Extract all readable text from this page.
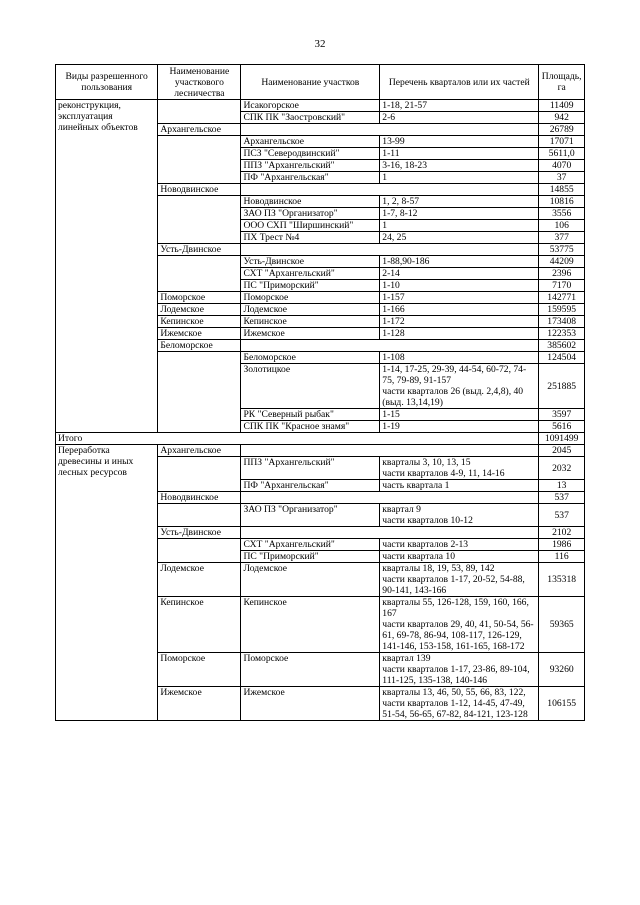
32
Виды разрешенного пользования	Наименование участкового лесничества	Наименование участков	Перечень кварталов или их частей	Площадь, га
реконструкция, эксплуатация линейных объектов		Исакогорское	1-18, 21-57	11409
		СПК ПК "Заостровский"	2-6	942
	Архангельское			26789
		Архангельское	13-99	17071
		ПСЗ "Северодвинский"	1-11	5611,0
		ППЗ "Архангельский"	3-16, 18-23	4070
		ПФ "Архангельская"	1	37
	Новодвинское			14855
		Новодвинское	1, 2, 8-57	10816
		ЗАО ПЗ "Организатор"	1-7, 8-12	3556
		ООО СХП "Ширшинский"	1	106
		ПХ Трест №4	24, 25	377
	Усть-Двинское			53775
		Усть-Двинское	1-88,90-186	44209
		СХТ "Архангельский"	2-14	2396
		ПС "Приморский"	1-10	7170
	Поморское	Поморское	1-157	142771
	Лодемское	Лодемское	1-166	159595
	Кепинское	Кепинское	1-172	173408
	Ижемское	Ижемское	1-128	122353
	Беломорское			385602
		Беломорское	1-108	124504
		Золотицкое	1-14, 17-25, 29-39, 44-54, 60-72, 74-75, 79-89, 91-157
части кварталов 26 (выд. 2,4,8), 40 (выд. 13,14,19)	251885
		РК "Северный рыбак"	1-15	3597
		СПК ПК "Красное знамя"	1-19	5616
Итого				1091499
Переработка древесины и иных лесных ресурсов	Архангельское			2045
		ППЗ "Архангельский"	кварталы 3, 10, 13, 15
части кварталов 4-9, 11, 14-16	2032
		ПФ "Архангельская"	часть квартала 1	13
	Новодвинское			537
		ЗАО ПЗ "Организатор"	квартал 9
части кварталов 10-12	537
	Усть-Двинское			2102
		СХТ "Архангельский"	части кварталов 2-13	1986
		ПС "Приморский"	части квартала 10	116
	Лодемское	Лодемское	кварталы 18, 19, 53, 89, 142
части кварталов 1-17, 20-52, 54-88, 90-141, 143-166	135318
	Кепинское	Кепинское	кварталы 55, 126-128, 159, 160, 166, 167
части кварталов 29, 40, 41, 50-54, 56-61, 69-78, 86-94, 108-117, 126-129, 141-146, 153-158, 161-165, 168-172	59365
	Поморское	Поморское	квартал 139
части кварталов 1-17, 23-86, 89-104, 111-125, 135-138, 140-146	93260
	Ижемское	Ижемское	кварталы 13, 46, 50, 55, 66, 83, 122, части кварталов 1-12, 14-45, 47-49, 51-54, 56-65, 67-82, 84-121, 123-128	106155
